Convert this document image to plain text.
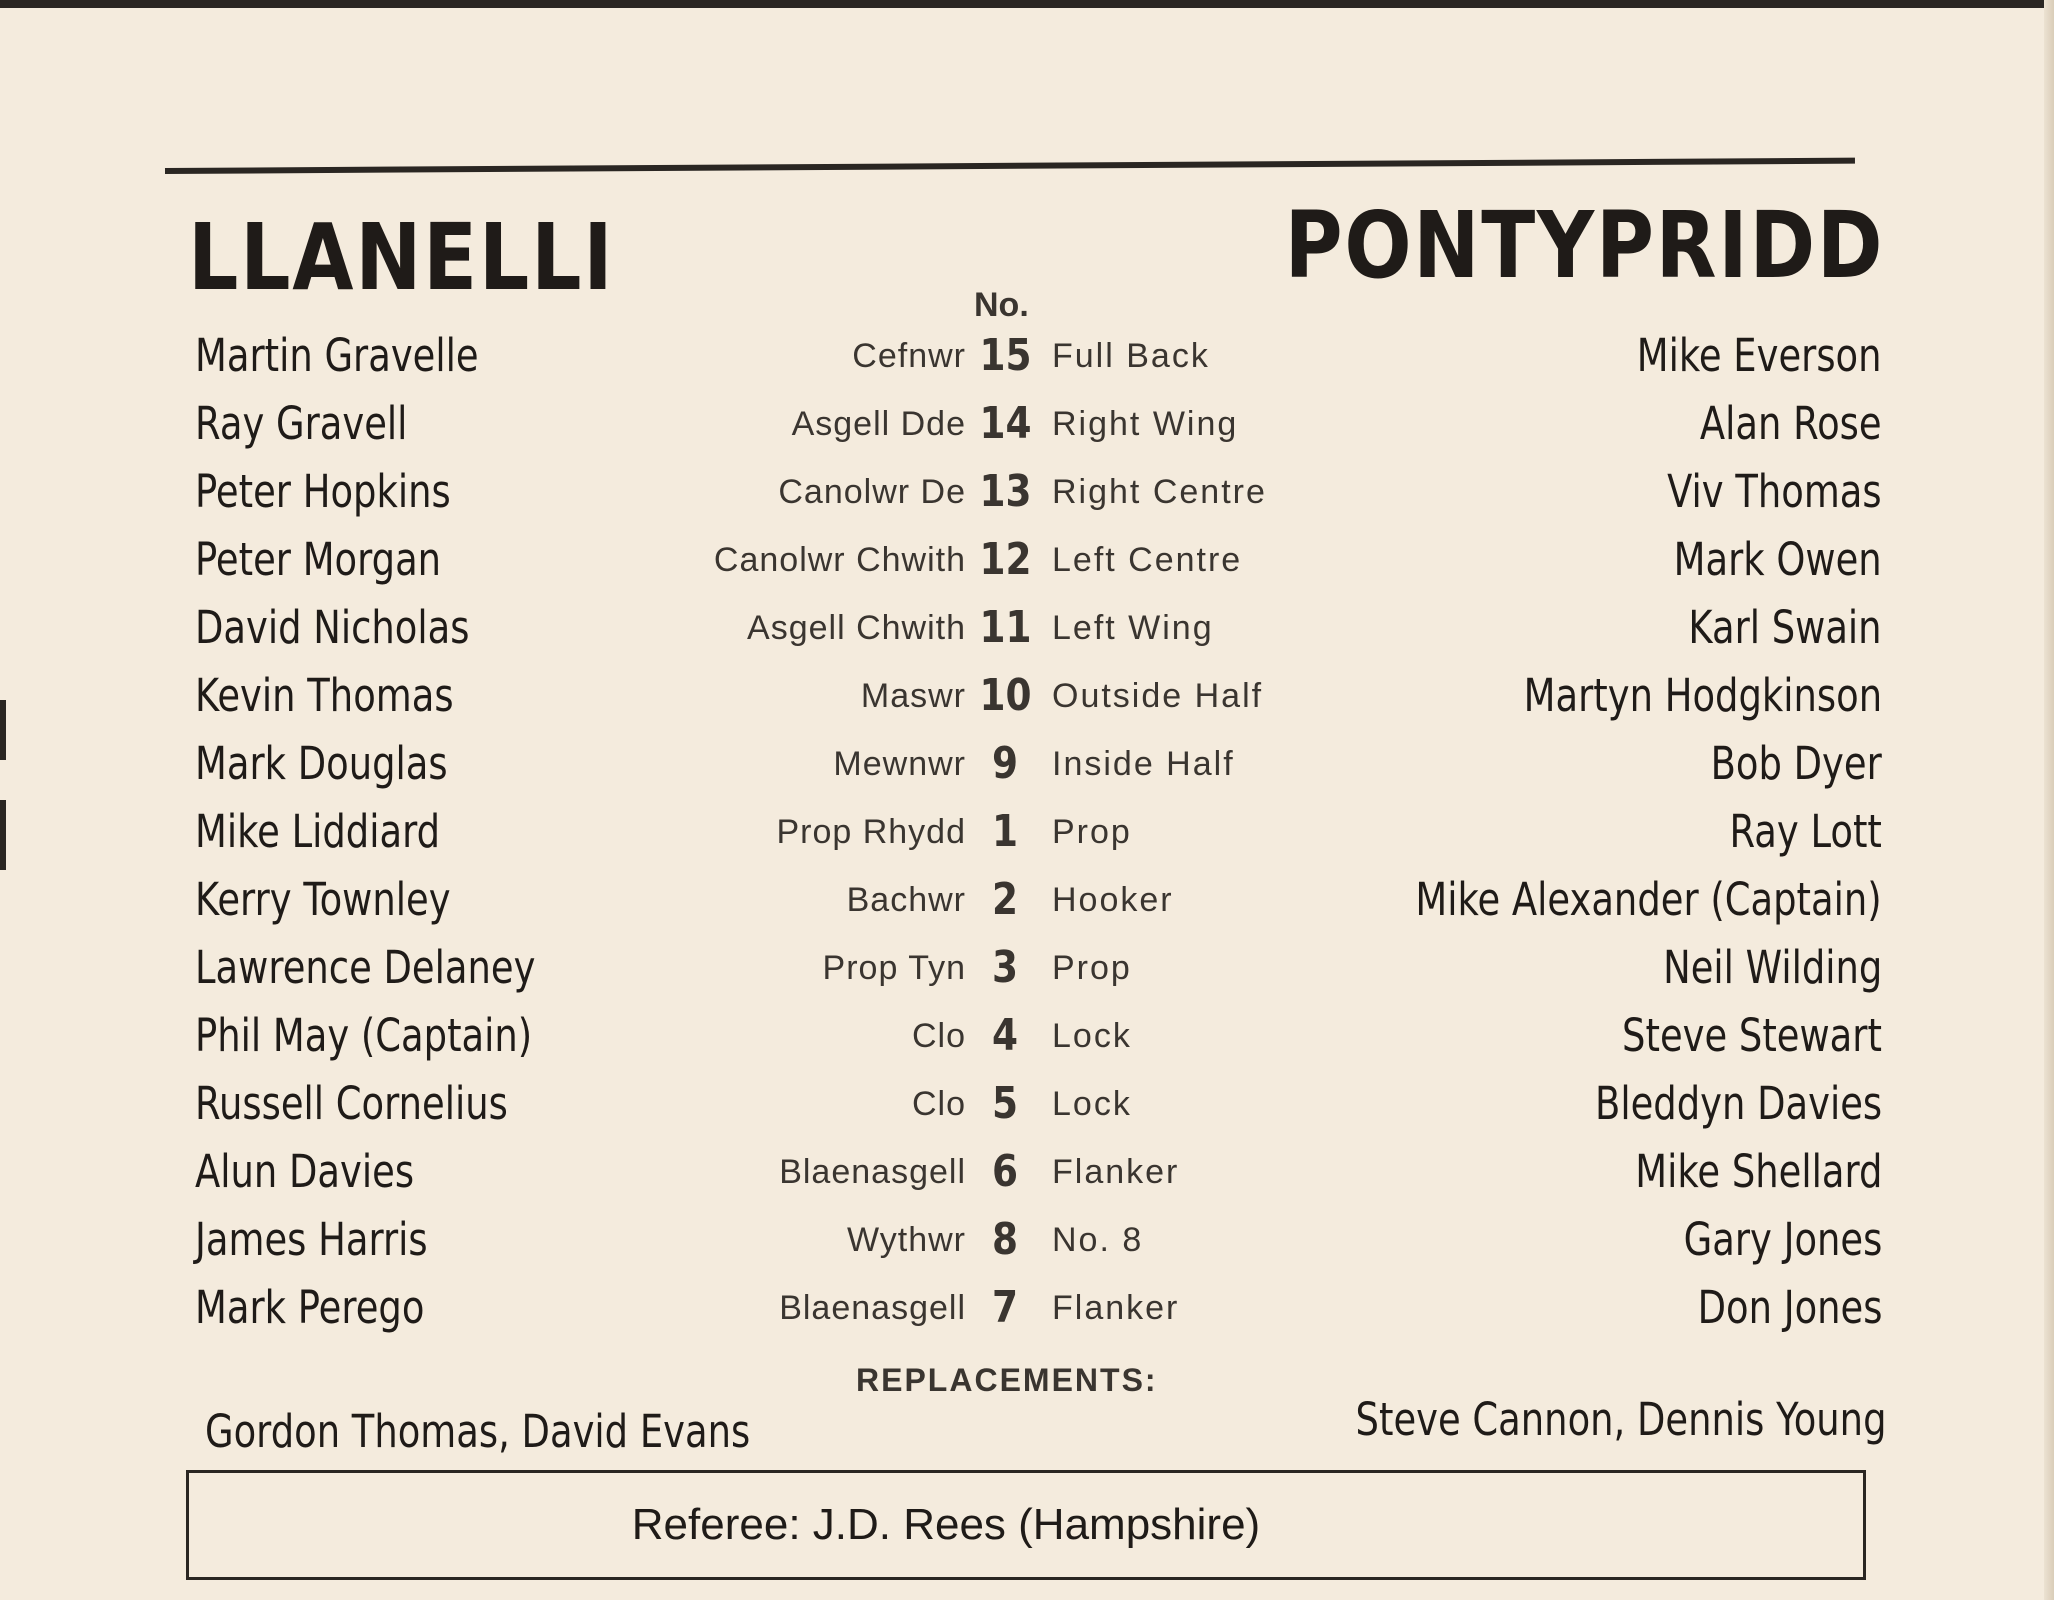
LLANELLI	PONTYPRIDD
No.
Martin Gravelle	Cefnwr 15 Full Back	Mike Everson
Ray Gravell	Asgell Dde 14 Right Wing	Alan Rose
Peter Hopkins	Canolwr De 13 Right Centre	Viv Thomas
Peter Morgan	Canolwr Chwith 12 Left Centre	Mark Owen
David Nicholas	Asgell Chwith 11 Left Wing	Karl Swain
Kevin Thomas	Maswr 10 Outside Half	Martyn Hodgkinson
Mark Douglas	Mewnwr 9 Inside Half	Bob Dyer
Mike Liddiard	Prop Rhydd 1 Prop	Ray Lott
Kerry Townley	Bachwr 2 Hooker	Mike Alexander (Captain)
Lawrence Delaney	Prop Tyn 3 Prop	Neil Wilding
Phil May (Captain)	Clo 4 Lock	Steve Stewart
Russell Cornelius	Clo 5 Lock	Bleddyn Davies
Alun Davies	Blaenasgell 6 Flanker	Mike Shellard
James Harris	Wythwr 8 No. 8	Gary Jones
Mark Perego	Blaenasgell 7 Flanker	Don Jones
REPLACEMENTS:
Gordon Thomas, David Evans	Steve Cannon, Dennis Young
Referee: J.D. Rees (Hampshire)
